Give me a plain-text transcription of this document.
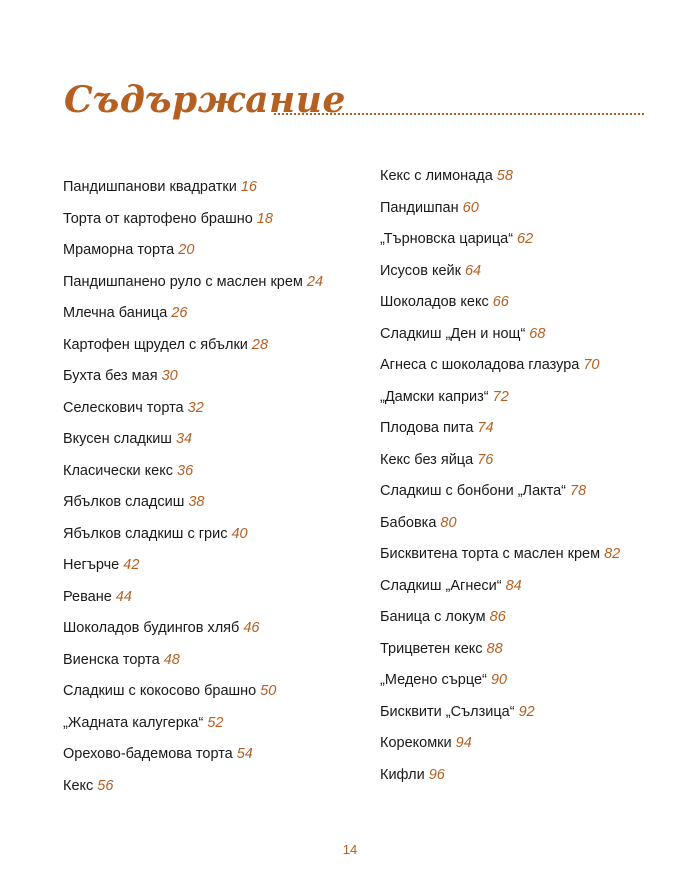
Съдържание
Пандишпанови квадратки 16
Торта от картофено брашно 18
Мраморна торта 20
Пандишпанено руло с маслен крем 24
Млечна баница 26
Картофен щрудел с ябълки 28
Бухта без мая 30
Селескович торта 32
Вкусен сладкиш 34
Класически кекс 36
Ябълков сладсиш 38
Ябълков сладкиш с грис 40
Негърче 42
Реване 44
Шоколадов будингов хляб 46
Виенска торта 48
Сладкиш с кокосово брашно 50
„Жадната калугерка“ 52
Орехово-бадемова торта 54
Кекс 56
Кекс с лимонада 58
Пандишпан 60
„Търновска царица“ 62
Исусов кейк 64
Шоколадов кекс 66
Сладкиш „Ден и нощ“ 68
Агнеса с шоколадова глазура 70
„Дамски каприз“ 72
Плодова пита 74
Кекс без яйца 76
Сладкиш с бонбони „Лакта“ 78
Бабовка 80
Бисквитена торта с маслен крем 82
Сладкиш „Агнеси“ 84
Баница с локум 86
Трицветен кекс 88
„Медено сърце“ 90
Бисквити „Сълзица“ 92
Корекомки 94
Кифли 96
14
